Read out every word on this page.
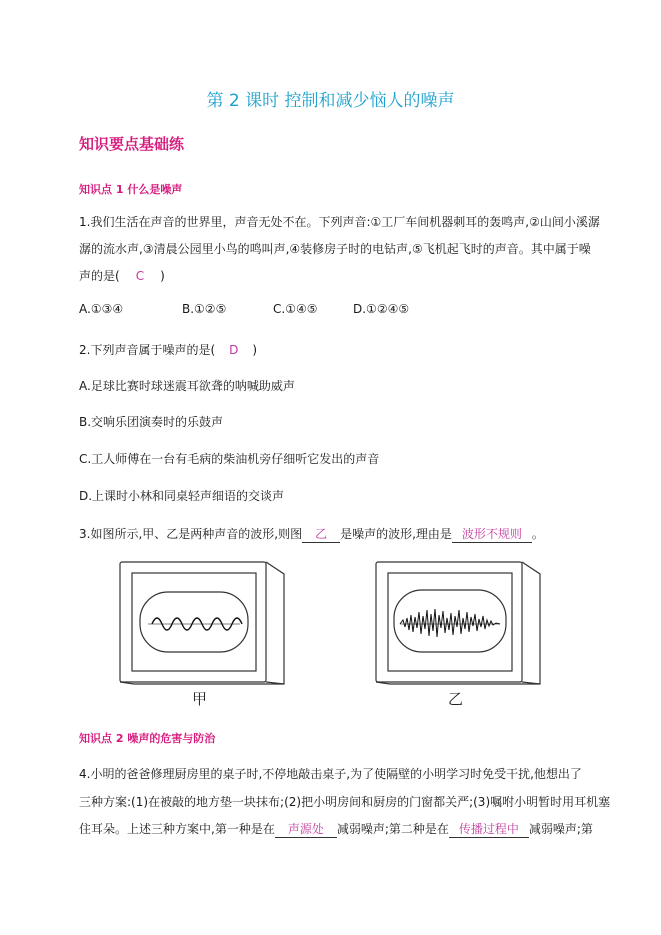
第 2 课时 控制和减少恼人的噪声
知识要点基础练
知识点 1 什么是噪声
1.我们生活在声音的世界里，声音无处不在。下列声音:①工厂车间机器刺耳的轰鸣声,②山间小溪潺
潺的流水声,③清晨公园里小鸟的鸣叫声,④装修房子时的电钻声,⑤飞机起飞时的声音。其中属于噪
声的是( C )
A.①③④	B.①②⑤	C.①④⑤	D.①②④⑤
2.下列声音属于噪声的是( D )
A.足球比赛时球迷震耳欲聋的呐喊助威声
B.交响乐团演奏时的乐鼓声
C.工人师傅在一台有毛病的柴油机旁仔细听它发出的声音
D.上课时小林和同桌轻声细语的交谈声
3.如图所示,甲、乙是两种声音的波形,则图 乙 是噪声的波形,理由是 波形不规则 。
甲	乙
知识点 2 噪声的危害与防治
4.小明的爸爸修理厨房里的桌子时,不停地敲击桌子,为了使隔壁的小明学习时免受干扰,他想出了
三种方案:(1)在被敲的地方垫一块抹布;(2)把小明房间和厨房的门窗都关严;(3)嘱咐小明暂时用耳机塞
住耳朵。上述三种方案中,第一种是在 声源处 减弱噪声;第二种是在 传播过程中 减弱噪声;第
